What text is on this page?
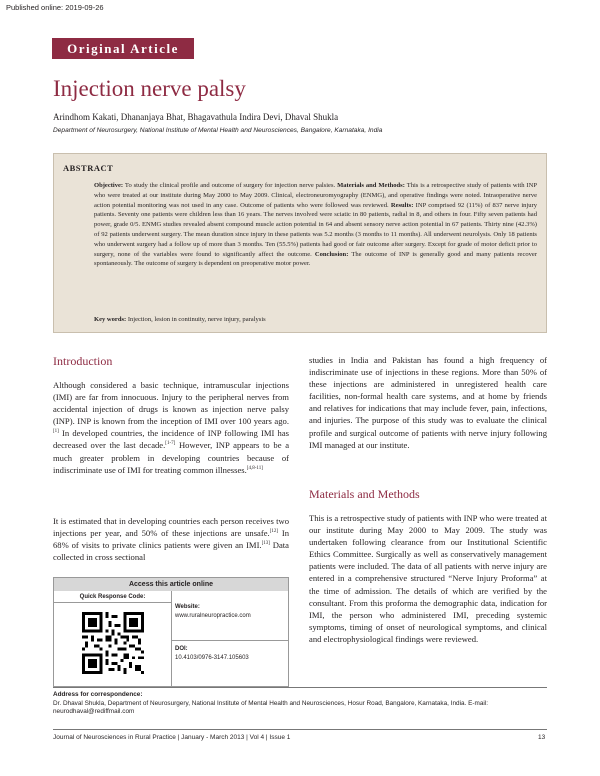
Published online: 2019-09-26
Original Article
Injection nerve palsy
Arindhom Kakati, Dhananjaya Bhat, Bhagavathula Indira Devi, Dhaval Shukla
Department of Neurosurgery, National Institute of Mental Health and Neurosciences, Bangalore, Karnataka, India
ABSTRACT

Objective: To study the clinical profile and outcome of surgery for injection nerve palsies. Materials and Methods: This is a retrospective study of patients with INP who were treated at our institute during May 2000 to May 2009. Clinical, electroneuromyography (ENMG), and operative findings were noted. Intraoperative nerve action potential monitoring was not used in any case. Outcome of patients who were followed was reviewed. Results: INP comprised 92 (11%) of 837 nerve injury patients. Seventy one patients were children less than 16 years. The nerves involved were sciatic in 80 patients, radial in 8, and others in four. Fifty seven patients had power, grade 0/5. ENMG studies revealed absent compound muscle action potential in 64 and absent sensory nerve action potential in 67 patients. Thirty nine (42.3%) of 92 patients underwent surgery. The mean duration since injury in these patients was 5.2 months (3 months to 11 months). All underwent neurolysis. Only 18 patients who underwent surgery had a follow up of more than 3 months. Ten (55.5%) patients had good or fair outcome after surgery. Except for grade of motor deficit prior to surgery, none of the variables were found to significantly affect the outcome. Conclusion: The outcome of INP is generally good and many patients recover spontaneously. The outcome of surgery is dependent on preoperative motor power.

Key words: Injection, lesion in continuity, nerve injury, paralysis
Introduction

Although considered a basic technique, intramuscular injections (IMI) are far from innocuous. Injury to the peripheral nerves from accidental injection of drugs is known as injection nerve palsy (INP). INP is known from the inception of IMI over 100 years ago.[1] In developed countries, the incidence of INP following IMI has decreased over the last decade.[1-7] However, INP appears to be a much greater problem in developing countries because of indiscriminate use of IMI for treating common illnesses.[4,8-11]

It is estimated that in developing countries each person receives two injections per year, and 50% of these injections are unsafe.[12] In 68% of visits to private clinics patients were given an IMI.[13] Data collected in cross sectional

Access this article online
Quick Response Code:
Website:
www.ruralneuropractice.com
DOI:
10.4103/0976-3147.105603

studies in India and Pakistan has found a high frequency of indiscriminate use of injections in these regions. More than 50% of these injections are administered in unregistered health care facilities, non-formal health care systems, and at home by friends and relatives for indications that may include fever, pain, infections, and injuries. The purpose of this study was to evaluate the clinical profile and surgical outcome of patients with nerve injury following IMI managed at our institute.

Materials and Methods

This is a retrospective study of patients with INP who were treated at our institute during May 2000 to May 2009. The study was undertaken following clearance from our Institutional Scientific Ethics Committee. Surgically as well as conservatively management patients were included. The data of all patients with nerve injury are entered in a comprehensive structured “Nerve Injury Proforma” at the time of admission. The details of which are verified by the consultant. From this proforma the demographic data, indication for IMI, the person who administered IMI, preceding systemic symptoms, timing of onset of neurological symptoms, and clinical and electrophysiological findings were reviewed.

Address for correspondence:
Dr. Dhaval Shukla, Department of Neurosurgery, National Institute of Mental Health and Neurosciences, Hosur Road, Bangalore, Karnataka, India. E-mail: neurodhaval@rediffmail.com
Journal of Neurosciences in Rural Practice | January - March 2013 | Vol 4 | Issue 1	13
